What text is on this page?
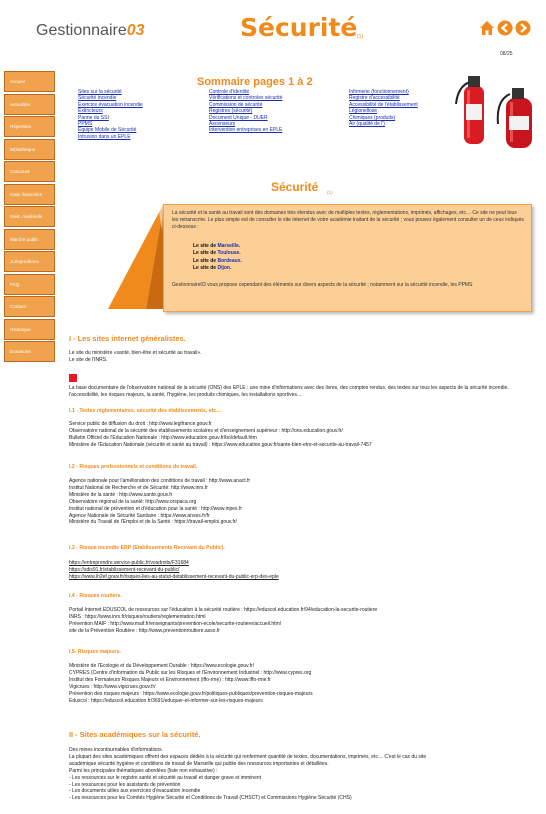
Gestionnaire03	Sécurité (1)
08/25
Accueil
Actualités
Répertoire
Bibliothèque
Concours
Gest. financière
Gest. matérielle
Marché public
Jurisprudence
FAQ
Contact
Historique
Donations
Sommaire pages 1 à 2
Sites sur la sécurité
Sécurité incendie
Exercice évacuation incendie
Extincteurs
Panne du SSI
PPMS
Equipe Mobile de Sécurité
Intrusion dans un EPLE
Controle d'identité
Vérifications et controles sécurité
Commission de sécurité
Registres (sécurité)
Document Unique - DUER
Ascenseurs
Intervention entreprises en EPLE
Infirmerie (fonctionnement)
Registre d'accessibilité
Accessibilité de l'établissement
Légionellose
Chimiques (produits)
Air (qualité de l')
Sécurité (1)
La sécurité et la santé au travail sont des domaines très étendus avec de multiples textes, réglementations, imprimés, affichages, etc… Ce site ne peut tous les retranscrire. Le plus simple est de consulter le site internet de votre académie traitant de la sécurité ; vous pouvez également consulter un de ceux indiqués ci-dessous :
Le site de Marseille.
Le site de Toulouse.
Le site de Bordeaux.
Le site de Dijon.
Gestionnaire03 vous propose cependant des éléments sur divers aspects de la sécurité ; notamment sur la sécurité incendie, les PPMS
I - Les sites internet généralistes.
Le site du ministère «santé, bien-être et sécurité au travail».
Le site de l'INRS.
La base documentaire de l'observatoire national de la sécurité (ONS) des EPLE : une mine d'informations avec des livres, des comptes rendus, des textes sur tous les aspects de la sécurité incendie, l'accessibilité, les risques majeurs, la santé, l'hygiène, les produits chimiques, les installations sportives…
I.1 - Textes réglementaires, sécurité des établissements, etc…
Service public de diffusion du droit : http://www.legifrance.gouv.fr
Observatoire national de la sécurité des établissements scolaires et d'enseignement supérieur : http://ons.education.gouv.fr/
Bulletin Officiel de l'Education Nationale : http://www.education.gouv.fr/bo/default.htm
Ministère de l'Education Nationale (sécurité et santé au travail) : https://www.education.gouv.fr/sante-bien-etre-et-securite-au-travail-7457
I.2 - Risques professionnels et conditions de travail.
Agence nationale pour l'amélioration des conditions de travail : http://www.anact.fr
Institut National de Recherche et de Sécurité: http://www.inrs.fr
Ministère de la santé : http://www.sante.gouv.fr
Observatoire régional de la santé: http://www.orspaca.org
Institut national de prévention et d'éducation pour la santé : http://www.inpes.fr
Agence Nationale de Sécurité Sanitaire : https://www.anses.fr/fr
Ministère du Travail de l'Emploi et de la Santé : https://travail-emploi.gouv.fr/
I.3 - Risque incendie ERP (Etablissements Recevant du Public).
https://entreprendre.service-public.fr/vosdroits/F31684
https://sdis91.fr/etablissement-recevant-du-public/
https://www.ih2ef.gouv.fr/risques-lies-au-statut-detablissement-recevant-du-public-erp-des-eple
I.4 - Risques routiers.
Portail Internet EDUSCOL de ressources sur l'éducation à la sécurité routière : https://eduscol.education.fr/94/education-la-securite-routiere
INRS : https://www.inrs.fr/risques/routiers/reglementation.html
Prévention MAIF : http://www.maif.fr/enseignants/prevention-ecole/securite-routiere/accueil.html
site de la Prévention Routière : http://www.preventionroutiere.asso.fr
I.5- Risques majeurs.
Ministère de l'Ecologie et du Développement Durable : https://www.ecologie.gouv.fr/
CYPRES (Centre d'information du Public sur les Risques et l'Environnement Industriel : http://www.cypres.org
Institut des Formateurs Risques Majeurs et Environnement (iffo-rme) : http://www.iffo-rme.fr
Vigicrues : http://www.vigicrues.gouv.fr/
Prévention des risques majeurs : https://www.ecologie.gouv.fr/politiques-publiques/prevention-risques-majeurs
Eduscol : https://eduscol.education.fr/3691/eduquer-et-informer-sur-les-risques-majeurs
II - Sites académiques sur la sécurité.
Des mines incontournables d'informations.
La plupart des sites académiques offrent des espaces dédiés à la sécurité qui renferment quantité de textes, documentations, imprimés, etc… C'est le cas du site
académique sécurité hygiène et conditions de travail de Marseille qui publie des ressources importantes et détaillées.
Parmi les principales thématiques abordées (liste non exhaustive) :
- Les ressources sur le registre santé et sécurité au travail et danger grave et imminent
- Les ressources pour les assistants de prévention
- Les documents utiles aux exercices d'évacuation incendie
- Les ressources pour les Comités Hygiène Sécurité et Conditions de Travail (CHSCT) et Commissions Hygiène Sécurité (CHS)
